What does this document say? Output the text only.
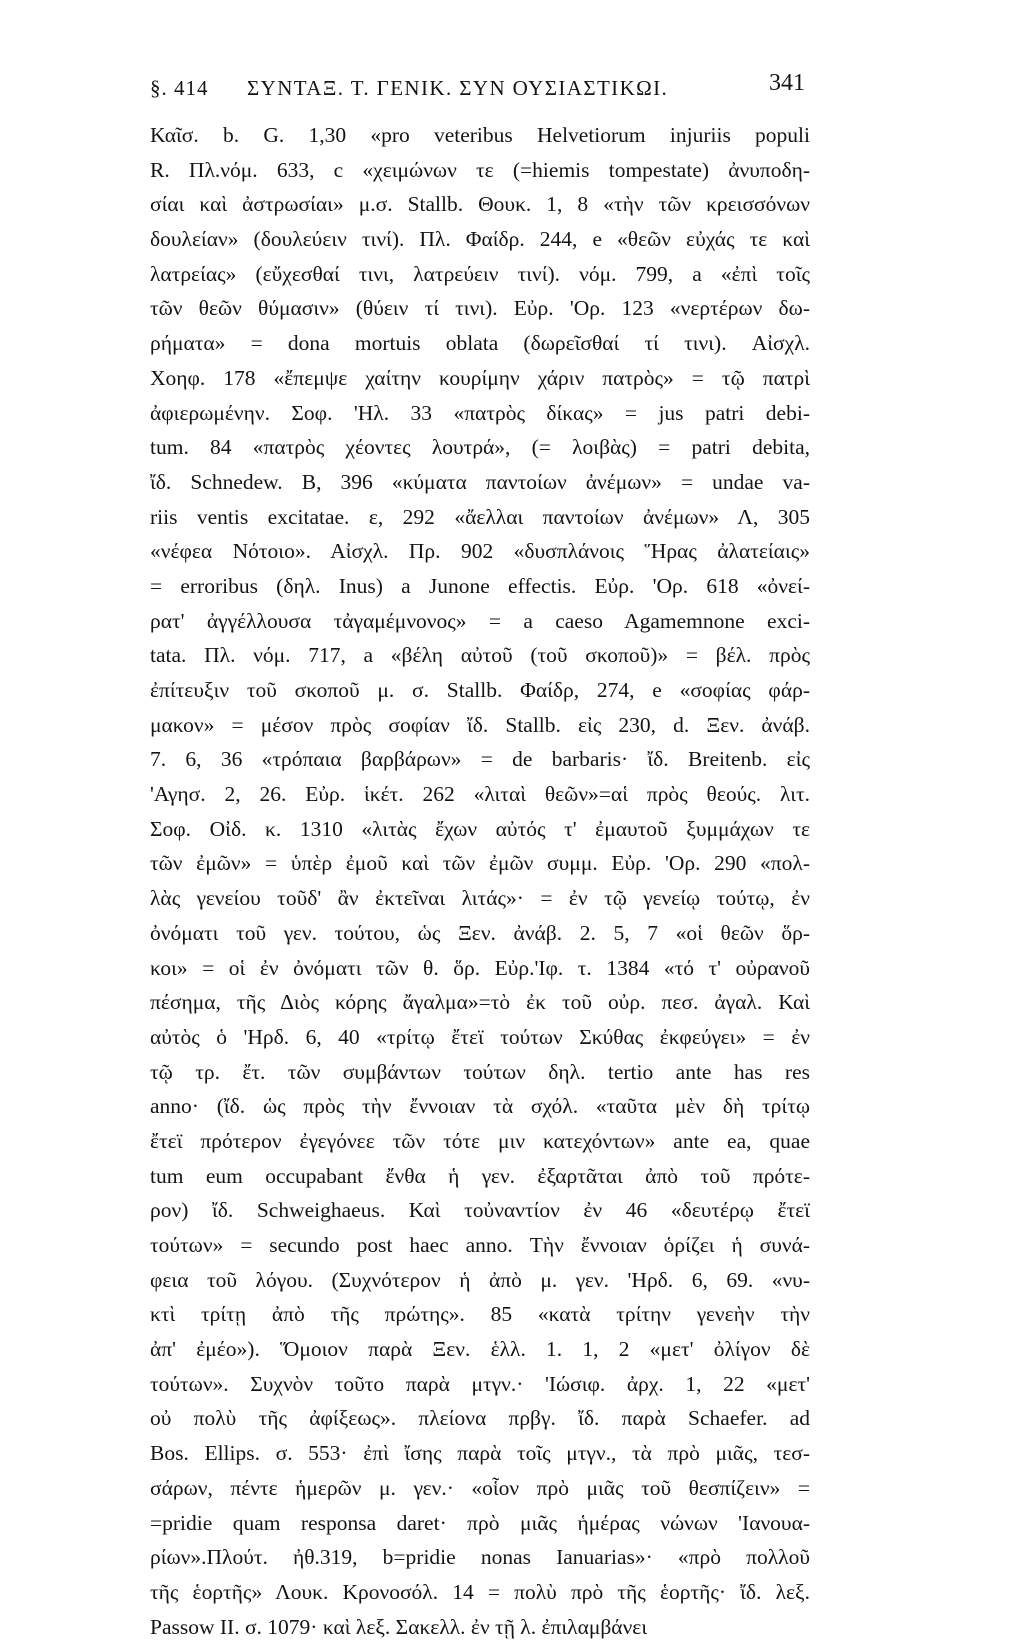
§. 414 ΣΥΝΤΑΞ. Τ. ΓΕΝΙΚ. ΣΥΝ ΟΥΣΙΑΣΤΙΚΩΙ.	341
Καῖσ. b. G. 1,30 «pro veteribus Helvetiorum injuriis populi
R. Πλ.νόμ. 633, c «χειμώνων τε (=hiemis tompestate) ἀνυποδη-
σίαι καὶ ἀστρωσίαι» μ.σ. Stallb. Θουκ. 1, 8 «τὴν τῶν κρεισσόνων
δουλείαν» (δουλεύειν τινί). Πλ. Φαίδρ. 244, e «θεῶν εὐχάς τε καὶ
λατρείας» (εὔχεσθαί τινι, λατρεύειν τινί). νόμ. 799, a «ἐπὶ τοῖς
τῶν θεῶν θύμασιν» (θύειν τί τινι). Εὐρ. 'Ορ. 123 «νερτέρων δω-
ρήματα» = dona mortuis oblata (δωρεῖσθαί τί τινι). Αἰσχλ.
Χοηφ. 178 «ἔπεμψε χαίτην κουρίμην χάριν πατρὸς» = τῷ πατρὶ
ἀφιερωμένην. Σοφ. 'Ηλ. 33 «πατρὸς δίκας» = jus patri debi-
tum. 84 «πατρὸς χέοντες λουτρά», (= λοιβὰς) = patri debita,
ἴδ. Schnedew. B, 396 «κύματα παντοίων ἀνέμων» = undae va-
riis ventis excitatae. ε, 292 «ἄελλαι παντοίων ἀνέμων» Λ, 305
«νέφεα Νότοιο». Αἰσχλ. Πρ. 902 «δυσπλάνοις Ἥρας ἀλατείαις»
= erroribus (δηλ. Inus) a Junone effectis. Εὐρ. 'Ορ. 618 «ὀνεί-
ρατ' ἀγγέλλουσα τἀγαμέμνονος» = a caeso Agamemnone exci-
tata. Πλ. νόμ. 717, a «βέλη αὐτοῦ (τοῦ σκοποῦ)» = βέλ. πρὸς
ἐπίτευξιν τοῦ σκοποῦ μ. σ. Stallb. Φαίδρ, 274, e «σοφίας φάρ-
μακον» = μέσον πρὸς σοφίαν ἴδ. Stallb. εἰς 230, d. Ξεν. ἀνάβ.
7. 6, 36 «τρόπαια βαρβάρων» = de barbaris· ἴδ. Breitenb. εἰς
'Αγησ. 2, 26. Εὐρ. ἱκέτ. 262 «λιταὶ θεῶν»=αἱ πρὸς θεούς. λιτ.
Σοφ. Οἰδ. κ. 1310 «λιτὰς ἔχων αὐτός τ' ἐμαυτοῦ ξυμμάχων τε
τῶν ἐμῶν» = ὑπὲρ ἐμοῦ καὶ τῶν ἐμῶν συμμ. Εὐρ. 'Ορ. 290 «πολ-
λὰς γενείου τοῦδ' ἂν ἐκτεῖναι λιτάς»· = ἐν τῷ γενείῳ τούτῳ, ἐν
ὀνόματι τοῦ γεν. τούτου, ὡς Ξεν. ἀνάβ. 2. 5, 7 «οἱ θεῶν ὅρ-
κοι» = οἱ ἐν ὀνόματι τῶν θ. ὅρ. Εὐρ.'Ιφ. τ. 1384 «τό τ' οὐρανοῦ
πέσημα, τῆς Διὸς κόρης ἄγαλμα»=τὸ ἐκ τοῦ οὐρ. πεσ. ἀγαλ. Καὶ
αὐτὸς ὁ 'Ηρδ. 6, 40 «τρίτῳ ἔτεϊ τούτων Σκύθας ἐκφεύγει» = ἐν
τῷ τρ. ἔτ. τῶν συμβάντων τούτων δηλ. tertio ante has res
anno· (ἴδ. ὡς πρὸς τὴν ἔννοιαν τὰ σχόλ. «ταῦτα μὲν δὴ τρίτῳ
ἔτεϊ πρότερον ἐγεγόνεε τῶν τότε μιν κατεχόντων» ante ea, quae
tum eum occupabant ἔνθα ἡ γεν. ἐξαρτᾶται ἀπὸ τοῦ πρότε-
ρον) ἴδ. Schweighaeus. Καὶ τοὐναντίον ἐν 46 «δευτέρῳ ἔτεϊ
τούτων» = secundo post haec anno. Τὴν ἔννοιαν ὁρίζει ἡ συνά-
φεια τοῦ λόγου. (Συχνότερον ἡ ἀπὸ μ. γεν. 'Ηρδ. 6, 69. «νυ-
κτὶ τρίτῃ ἀπὸ τῆς πρώτης». 85 «κατὰ τρίτην γενεὴν τὴν
ἀπ' ἐμέο»). Ὅμοιον παρὰ Ξεν. ἑλλ. 1. 1, 2 «μετ' ὀλίγον δὲ
τούτων». Συχνὸν τοῦτο παρὰ μτγν.· 'Ιώσιφ. ἀρχ. 1, 22 «μετ'
οὐ πολὺ τῆς ἀφίξεως». πλείονα πρβγ. ἴδ. παρὰ Schaefer. ad
Bos. Ellips. σ. 553· ἐπὶ ἴσης παρὰ τοῖς μτγν., τὰ πρὸ μιᾶς, τεσ-
σάρων, πέντε ἡμερῶν μ. γεν.· «οἷον πρὸ μιᾶς τοῦ θεσπίζειν» =
=pridie quam responsa daret· πρὸ μιᾶς ἡμέρας νώνων 'Ιανουα-
ρίων».Πλούτ. ἠθ.319, b=pridie nonas Ianuarias»· «πρὸ πολλοῦ
τῆς ἑορτῆς» Λουκ. Κρονοσόλ. 14 = πολὺ πρὸ τῆς ἑορτῆς· ἴδ. λεξ.
Passow II. σ. 1079· καὶ λεξ. Σακελλ. ἐν τῇ λ. ἐπιλαμβάνει
